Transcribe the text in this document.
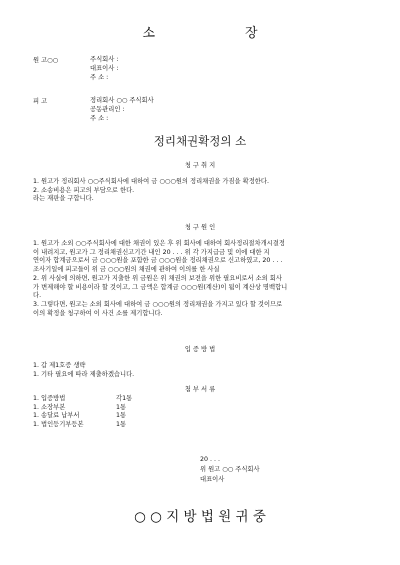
소	장
원 고○○	주식회사 :
대표이사 :
주 소 :
피 고	정리회사 ○○ 주식회사
공동관리인 :
주 소 :
정리채권확정의 소
청 구 취 지

1. 원고가 정리회사 ○○주식회사에 대하여 금 ○○○원의 정리채권을 가짐을 확정한다.

2. 소송비용은 피고의 부담으로 한다.

라는 재판을 구합니다.

청 구 원 인

1. 원고가 소외 ○○주식회사에 대한 채권이 있은 후 위 회사에 대하여 회사정리절차개시결정

이 내려지고, 원고가 그 정리채권신고기간 내인 20 . . . 위 각 가지급금 및 이에 대한 지

연이자 합계금으로서 금 ○○○원을 포함한 금 ○○○원을 정리채권으로 신고하였고, 20 . . .

조사기일에 피고들이 위 금 ○○○원의 채권에 관하여 이의를 한 사실

2. 위 사실에 의하면, 원고가 지출한 위 금원은 위 채권의 보전을 위한 필요비로서 소외 회사

가 변제해야 할 비용이라 할 것이고, 그 금액은 합계금 ○○○원(계산)이 됨이 계산상 명백합니

다.

3. 그렇다면, 원고는 소외 회사에 대하여 금 ○○○원의 정리채권을 가지고 있다 할 것이므로

이의 확정을 청구하여 이 사건 소를 제기합니다.

입 증 방 법

1. 갑 제1호증 생략

1. 기타 필요에 따라 제출하겠습니다.

첨 부 서 류
1. 입증방법	각1통
1. 소장부본	1통
1. 송달료 납부서	1통
1. 법인등기부등본	1통
20 . . .
위 원고 ○○ 주식회사
대표이사
○ ○ 지 방 법 원 귀 중
